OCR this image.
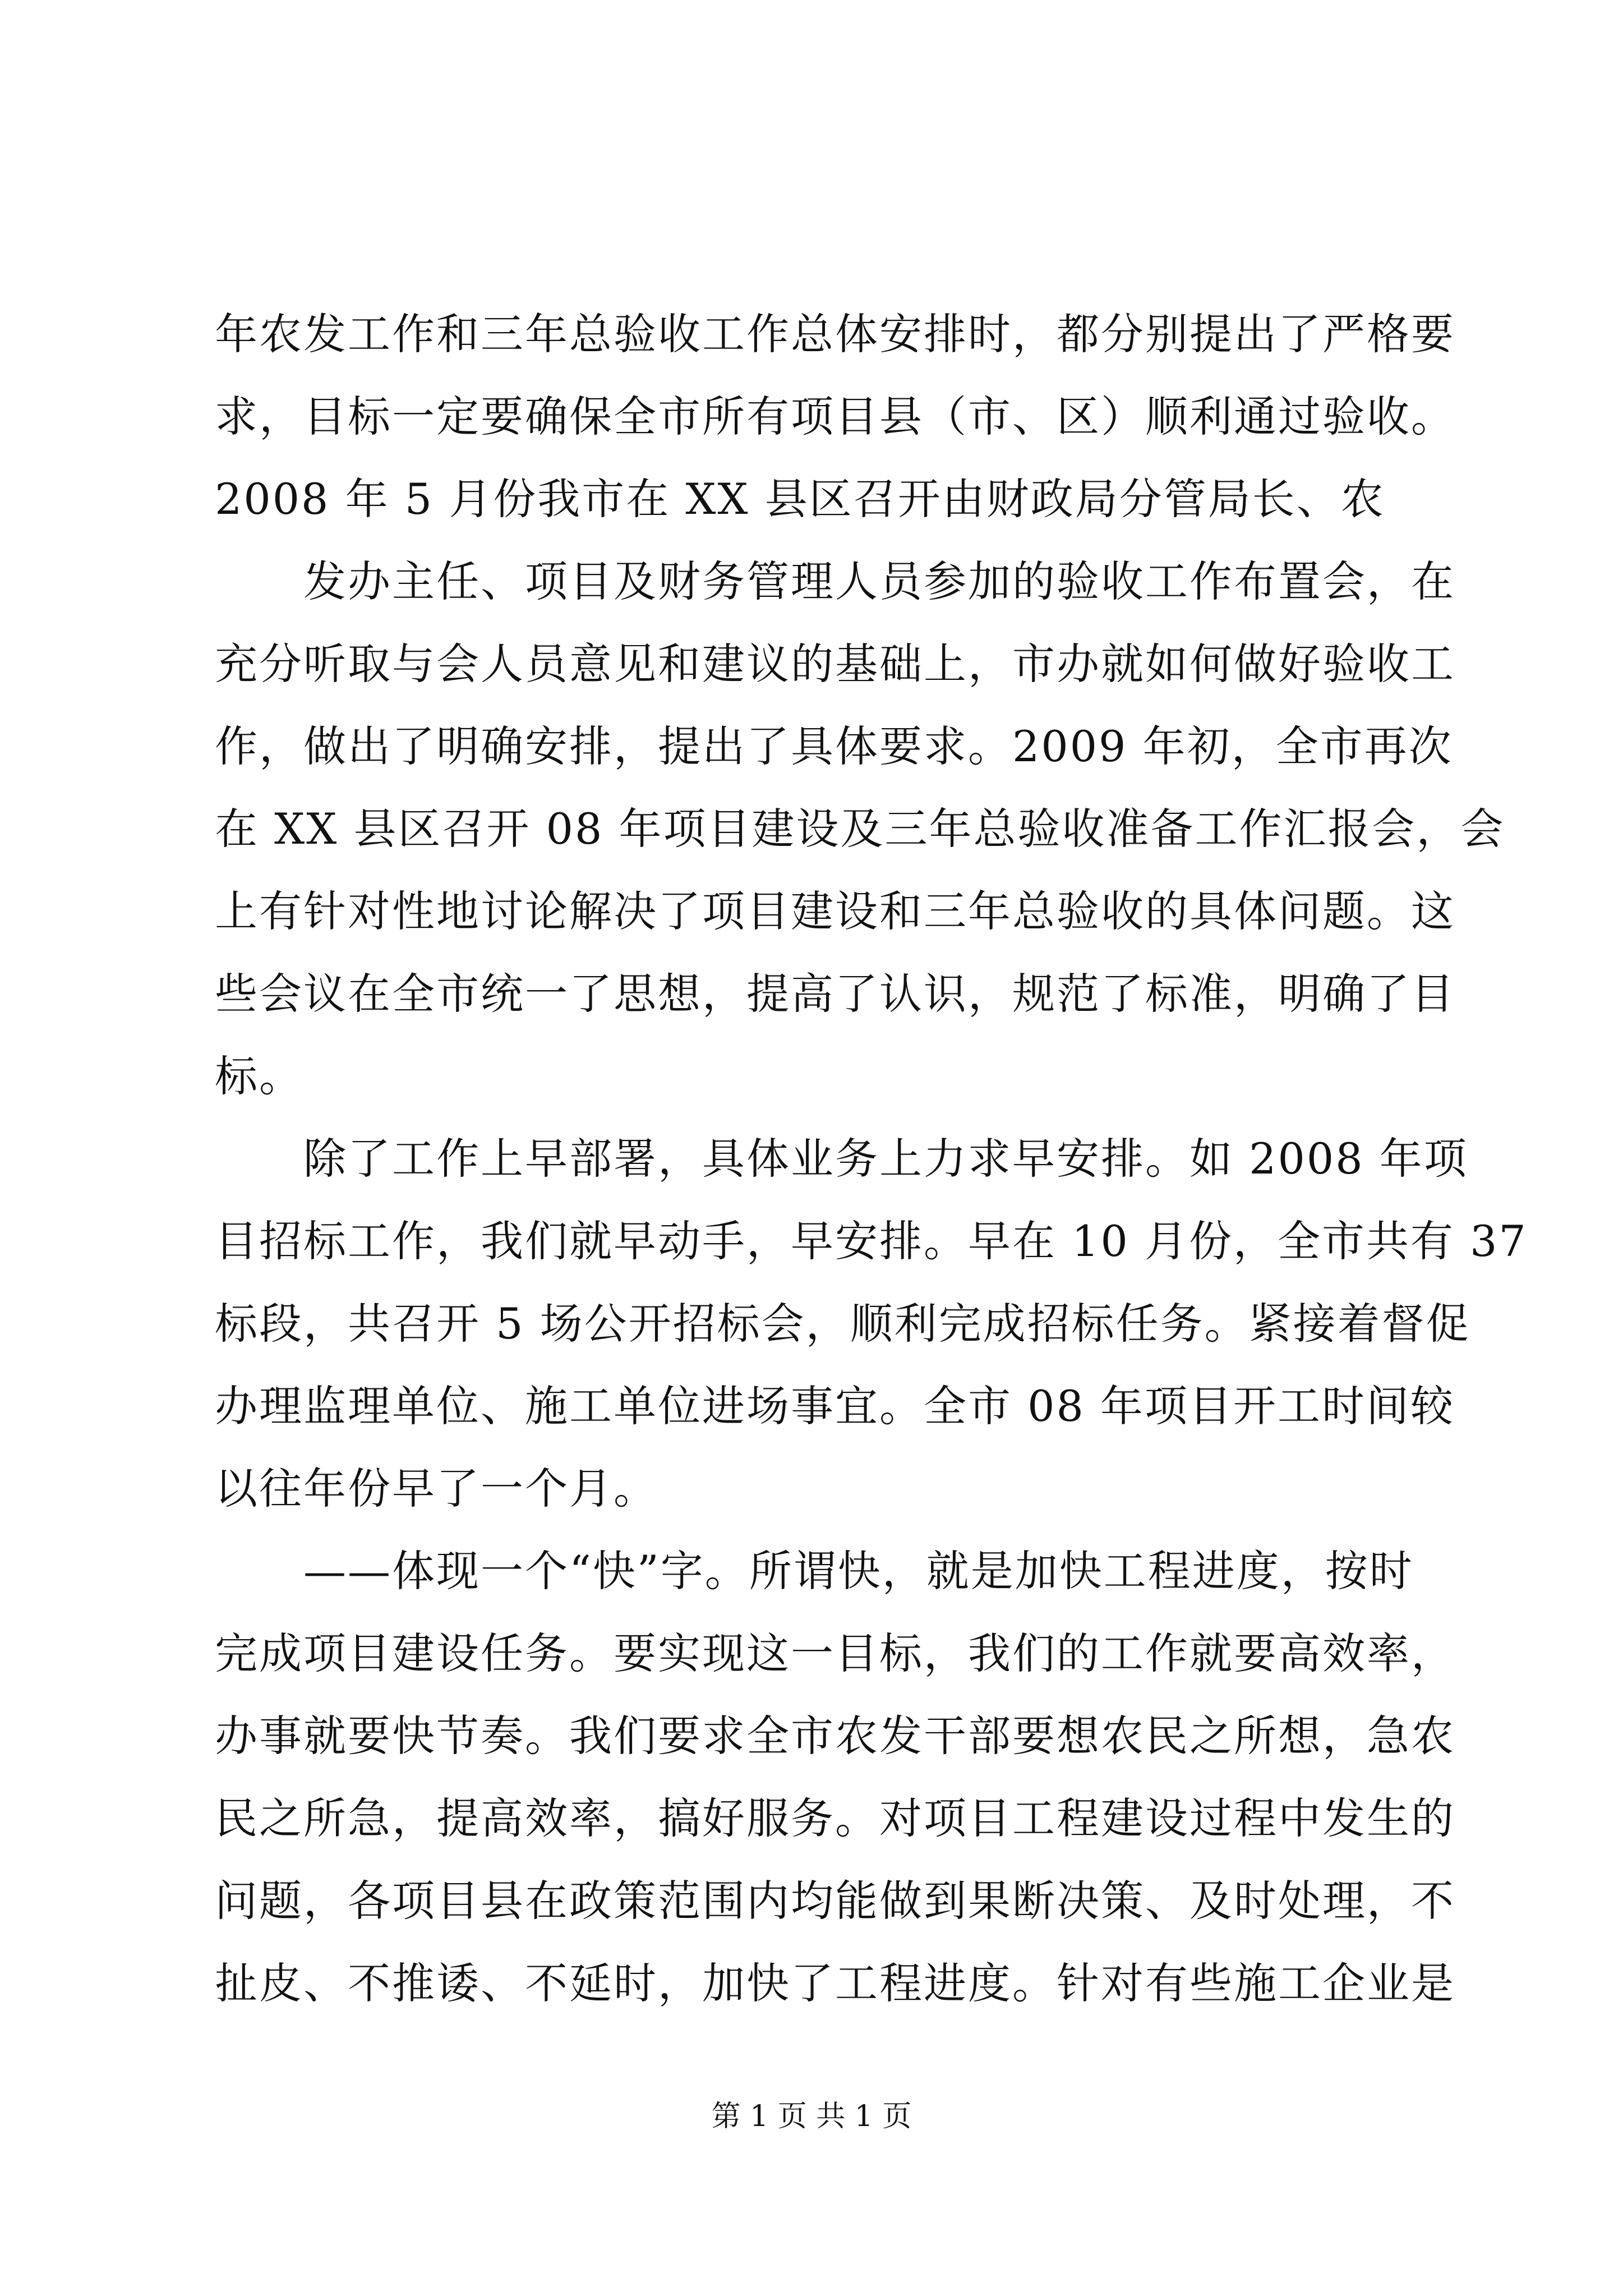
年农发工作和三年总验收工作总体安排时，都分别提出了严格要

求，目标一定要确保全市所有项目县（市、区）顺利通过验收。

2008 年 5 月份我市在 XX 县区召开由财政局分管局长、农

　　发办主任、项目及财务管理人员参加的验收工作布置会，在

充分听取与会人员意见和建议的基础上，市办就如何做好验收工

作，做出了明确安排，提出了具体要求。2009 年初，全市再次

在 XX 县区召开 08 年项目建设及三年总验收准备工作汇报会，会

上有针对性地讨论解决了项目建设和三年总验收的具体问题。这

些会议在全市统一了思想，提高了认识，规范了标准，明确了目

标。

　　除了工作上早部署，具体业务上力求早安排。如 2008 年项

目招标工作，我们就早动手，早安排。早在 10 月份，全市共有 37

标段，共召开 5 场公开招标会，顺利完成招标任务。紧接着督促

办理监理单位、施工单位进场事宜。全市 08 年项目开工时间较

以往年份早了一个月。

　　——体现一个“快”字。所谓快，就是加快工程进度，按时

完成项目建设任务。要实现这一目标，我们的工作就要高效率，

办事就要快节奏。我们要求全市农发干部要想农民之所想，急农

民之所急，提高效率，搞好服务。对项目工程建设过程中发生的

问题，各项目县在政策范围内均能做到果断决策、及时处理，不

扯皮、不推诿、不延时，加快了工程进度。针对有些施工企业是

第 1 页 共 1 页
